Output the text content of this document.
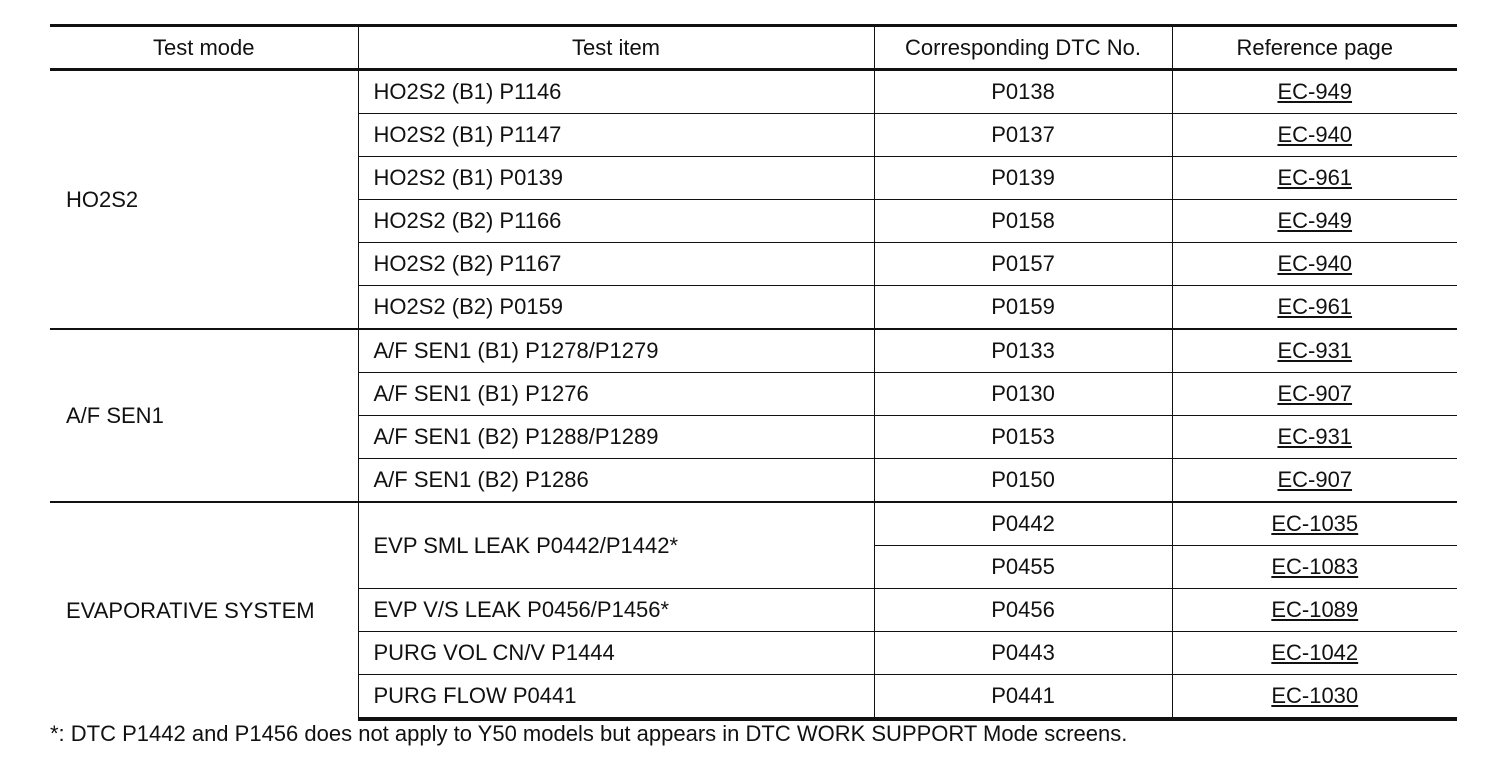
Test mode	Test item	Corresponding DTC No.	Reference page
HO2S2	HO2S2 (B1) P1146	P0138	EC-949
	HO2S2 (B1) P1147	P0137	EC-940
	HO2S2 (B1) P0139	P0139	EC-961
	HO2S2 (B2) P1166	P0158	EC-949
	HO2S2 (B2) P1167	P0157	EC-940
	HO2S2 (B2) P0159	P0159	EC-961
A/F SEN1	A/F SEN1 (B1) P1278/P1279	P0133	EC-931
	A/F SEN1 (B1) P1276	P0130	EC-907
	A/F SEN1 (B2) P1288/P1289	P0153	EC-931
	A/F SEN1 (B2) P1286	P0150	EC-907
EVAPORATIVE SYSTEM	EVP SML LEAK P0442/P1442*	P0442	EC-1035
		P0455	EC-1083
	EVP V/S LEAK P0456/P1456*	P0456	EC-1089
	PURG VOL CN/V P1444	P0443	EC-1042
	PURG FLOW P0441	P0441	EC-1030
*: DTC P1442 and P1456 does not apply to Y50 models but appears in DTC WORK SUPPORT Mode screens.
